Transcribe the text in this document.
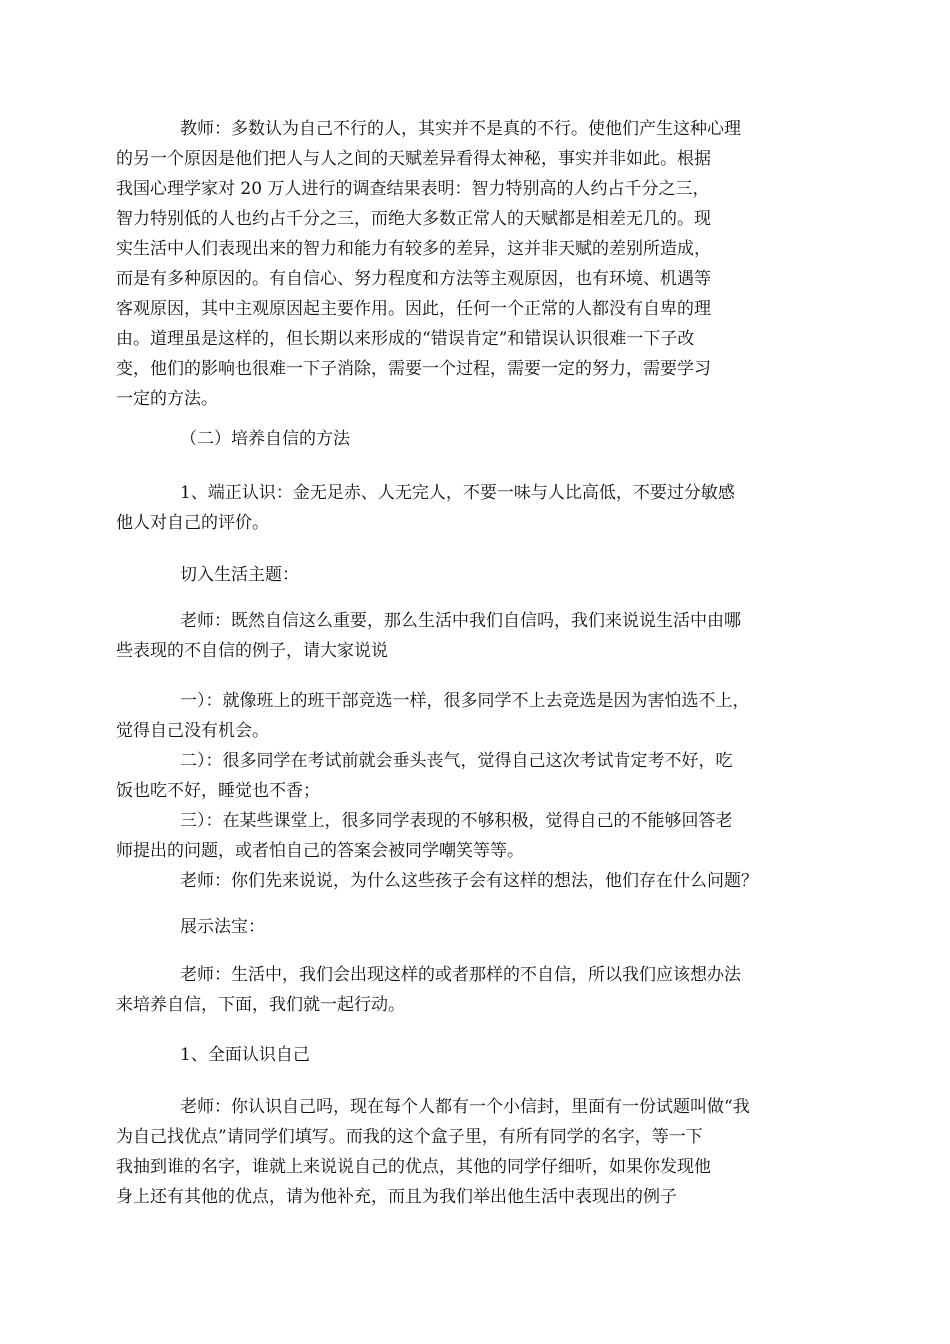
教师：多数认为自己不行的人，其实并不是真的不行。使他们产生这种心理
的另一个原因是他们把人与人之间的天赋差异看得太神秘，事实并非如此。根据
我国心理学家对 20 万人进行的调查结果表明：智力特别高的人约占千分之三，
智力特别低的人也约占千分之三，而绝大多数正常人的天赋都是相差无几的。现
实生活中人们表现出来的智力和能力有较多的差异，这并非天赋的差别所造成，
而是有多种原因的。有自信心、努力程度和方法等主观原因，也有环境、机遇等
客观原因，其中主观原因起主要作用。因此，任何一个正常的人都没有自卑的理
由。道理虽是这样的，但长期以来形成的“错误肯定”和错误认识很难一下子改
变，他们的影响也很难一下子消除，需要一个过程，需要一定的努力，需要学习
一定的方法。
（二）培养自信的方法
1、端正认识：金无足赤、人无完人，不要一味与人比高低，不要过分敏感
他人对自己的评价。
切入生活主题：
老师：既然自信这么重要，那么生活中我们自信吗，我们来说说生活中由哪
些表现的不自信的例子，请大家说说
一）：就像班上的班干部竞选一样，很多同学不上去竞选是因为害怕选不上，
觉得自己没有机会。
二）：很多同学在考试前就会垂头丧气，觉得自己这次考试肯定考不好，吃
饭也吃不好，睡觉也不香；
三）：在某些课堂上，很多同学表现的不够积极，觉得自己的不能够回答老
师提出的问题，或者怕自己的答案会被同学嘲笑等等。
老师：你们先来说说，为什么这些孩子会有这样的想法，他们存在什么问题？
展示法宝：
老师：生活中，我们会出现这样的或者那样的不自信，所以我们应该想办法
来培养自信，下面，我们就一起行动。
1、全面认识自己
老师：你认识自己吗，现在每个人都有一个小信封，里面有一份试题叫做“我
为自己找优点”请同学们填写。而我的这个盒子里，有所有同学的名字，等一下
我抽到谁的名字，谁就上来说说自己的优点，其他的同学仔细听，如果你发现他
身上还有其他的优点，请为他补充，而且为我们举出他生活中表现出的例子
